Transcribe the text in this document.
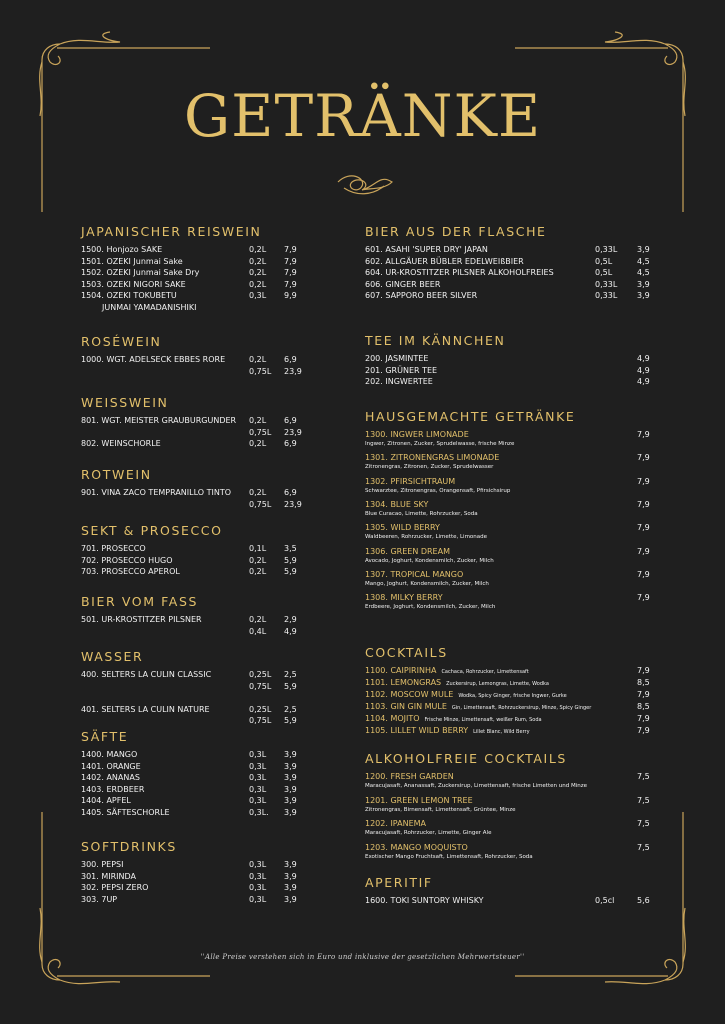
GETRÄNKE
JAPANISCHER REISWEIN
1500. Honjozo SAKE	0,2L 7,9
1501. OZEKI Junmai Sake	0,2L 7,9
1502. OZEKI Junmai Sake Dry	0,2L 7,9
1503. OZEKI NIGORI SAKE	0,2L 7,9
1504. OZEKI TOKUBETU	0,3L 9,9
JUNMAI YAMADANISHIKI
ROSÉWEIN
1000. WGT. ADELSECK EBBES RORE	0,2L 6,9
0,75L 23,9
WEISSWEIN
801. WGT. MEISTER GRAUBURGUNDER 0,2L 6,9
0,75L 23,9
802. WEINSCHORLE	0,2L 6,9
ROTWEIN
901. VINA ZACO TEMPRANILLO TINTO 0,2L 6,9
0,75L 23,9
SEKT & PROSECCO
701. PROSECCO	0,1L 3,5
702. PROSECCO HUGO	0,2L 5,9
703. PROSECCO APEROL	0,2L 5,9
BIER VOM FASS
501. UR-KROSTITZER PILSNER	0,2L 2,9
0,4L 4,9
WASSER
400. SELTERS LA CULIN CLASSIC	0,25L 2,5
0,75L 5,9
401. SELTERS LA CULIN NATURE	0,25L 2,5
0,75L 5,9
SÄFTE
1400. MANGO	0,3L 3,9
1401. ORANGE	0,3L 3,9
1402. ANANAS	0,3L 3,9
1403. ERDBEER	0,3L 3,9
1404. APFEL	0,3L 3,9
1405. SÄFTESCHORLE	0,3L. 3,9
SOFTDRINKS
300. PEPSI	0,3L 3,9
301. MIRINDA	0,3L 3,9
302. PEPSI ZERO	0,3L 3,9
303. 7UP	0,3L 3,9
BIER AUS DER FLASCHE
601. ASAHI 'SUPER DRY' JAPAN	0,33L 3,9
602. ALLGÄUER BÜBLER EDELWEIßBIER	0,5L	4,5
604. UR-KROSTITZER PILSNER ALKOHOLFREIES	0,5L	4,5
606. GINGER BEER	0,33L 3,9
607. SAPPORO BEER SILVER	0,33L 3,9
TEE IM KÄNNCHEN
200. JASMINTEE	4,9
201. GRÜNER TEE	4,9
202. INGWERTEE	4,9
HAUSGEMACHTE GETRÄNKE
1300. INGWER LIMONADE	7,9
Ingwer, Zitronen, Zucker, Sprudelwasse, frische Minze
1301. ZITRONENGRAS LIMONADE	7,9
Zitronengras, Zitronen, Zucker, Sprudelwasser
1302. PFIRSICHTRAUM	7,9
Schwarztee, Zitronengras, Orangensaft, Pfirsichsirup
1304. BLUE SKY	7,9
Blue Curacao, Limette, Rohrzucker, Soda
1305. WILD BERRY	7,9
Waldbeeren, Rohrzucker, Limette, Limonade
1306. GREEN DREAM	7,9
Avocado, Joghurt, Kondensmilch, Zucker, Milch
1307. TROPICAL MANGO	7,9
Mango, Joghurt, Kondensmilch, Zucker, Milch
1308. MILKY BERRY	7,9
Erdbeere, Joghurt, Kondensmilch, Zucker, Milch
COCKTAILS
1100. CAIPIRINHA Cachaca, Rohrzucker, Limettensaft	7,9
1101. LEMONGRAS Zuckersirup, Lemongras, Limette, Wodka	8,5
1102. MOSCOW MULE Wodka, Spicy Ginger, frische Ingwer, Gurke	7,9
1103. GIN GIN MULE Gin, Limettensaft, Rohrzuckersirup, Minze, Spicy Ginger	8,5
1104. MOJITO Frische Minze, Limettensaft, weißer Rum, Soda	7,9
1105. LILLET WILD BERRY Lillet Blanc, Wild Berry	7,9
ALKOHOLFREIE COCKTAILS
1200. FRESH GARDEN	7,5
Maracujasaft, Ananassaft, Zuckersirup, Limettensaft, frische Limetten und Minze
1201. GREEN LEMON TREE	7,5
Zitronengras, Birnensaft, Limettensaft, Grüntee, Minze
1202. IPANEMA	7,5
Maracujasaft, Rohrzucker, Limette, Ginger Ale
1203. MANGO MOQUISTO	7,5
Exotischer Mango Fruchtsaft, Limettensaft, Rohrzucker, Soda
APERITIF
1600. TOKI SUNTORY WHISKY	0,5cl	5,6
''Alle Preise verstehen sich in Euro und inklusive der gesetzlichen Mehrwertsteuer''
